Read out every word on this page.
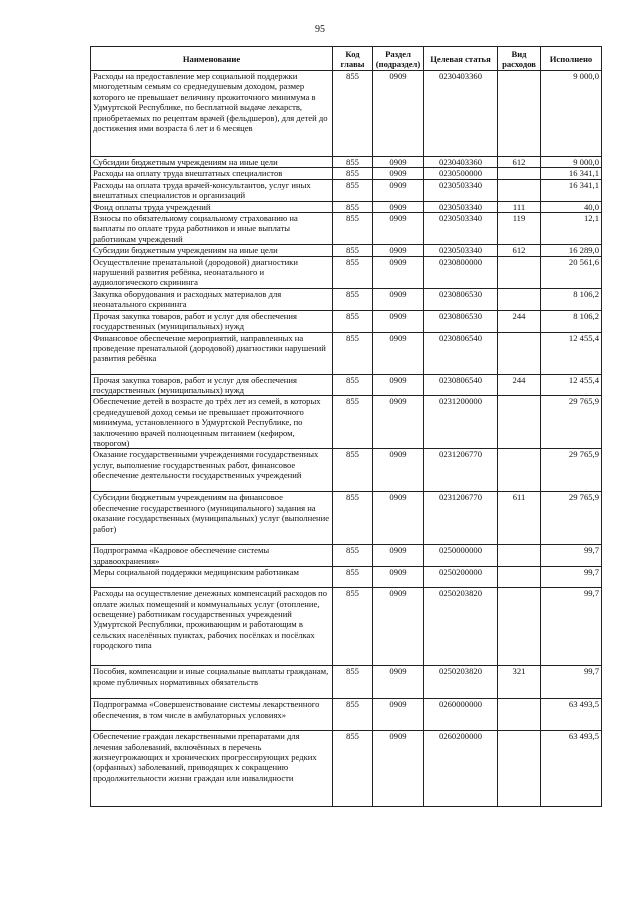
95
Наименование	Код главы	Раздел (подраздел)	Целевая статья	Вид расходов	Исполнено
Расходы на предоставление мер социальной поддержки многодетным семьям со среднедушевым доходом, размер которого не превышает величину прожиточного минимума в Удмуртской Республике, по бесплатной выдаче лекарств, приобретаемых по рецептам врачей (фельдшеров), для детей до достижения ими возраста 6 лет и 6 месяцев	855	0909	0230403360		9 000,0
Субсидии бюджетным учреждениям на иные цели	855	0909	0230403360	612	9 000,0
Расходы на оплату труда внештатных специалистов	855	0909	0230500000		16 341,1
Расходы на оплата труда врачей-консультантов, услуг иных внештатных специалистов и организаций	855	0909	0230503340		16 341,1
Фонд оплаты труда учреждений	855	0909	0230503340	111	40,0
Взносы по обязательному социальному страхованию на выплаты по оплате труда работников и иные выплаты работникам учреждений	855	0909	0230503340	119	12,1
Субсидии бюджетным учреждениям на иные цели	855	0909	0230503340	612	16 289,0
Осуществление пренатальной (дородовой) диагностики нарушений развития ребёнка, неонатального и аудиологического скрининга	855	0909	0230800000		20 561,6
Закупка оборудования и расходных материалов для неонатального скрининга	855	0909	0230806530		8 106,2
Прочая закупка товаров, работ и услуг для обеспечения государственных (муниципальных) нужд	855	0909	0230806530	244	8 106,2
Финансовое обеспечение мероприятий, направленных на проведение пренатальной (дородовой) диагностики нарушений развития ребёнка	855	0909	0230806540		12 455,4
Прочая закупка товаров, работ и услуг для обеспечения государственных (муниципальных) нужд	855	0909	0230806540	244	12 455,4
Обеспечение детей в возрасте до трёх лет из семей, в которых среднедушевой доход семьи не превышает прожиточного минимума, установленного в Удмуртской Республике, по заключению врачей полноценным питанием (кефиром, творогом)	855	0909	0231200000		29 765,9
Оказание государственными учреждениями государственных услуг, выполнение государственных работ, финансовое обеспечение деятельности государственных учреждений	855	0909	0231206770		29 765,9
Субсидии бюджетным учреждениям на финансовое обеспечение государственного (муниципального) задания на оказание государственных (муниципальных) услуг (выполнение работ)	855	0909	0231206770	611	29 765,9
Подпрограмма «Кадровое обеспечение системы здравоохранения»	855	0909	0250000000		99,7
Меры социальной поддержки медицинским работникам	855	0909	0250200000		99,7
Расходы на осуществление денежных компенсаций расходов по оплате жилых помещений и коммунальных услуг (отопление, освещение) работникам государственных учреждений Удмуртской Республики, проживающим и работающим в сельских населённых пунктах, рабочих посёлках и посёлках городского типа	855	0909	0250203820		99,7
Пособия, компенсации и иные социальные выплаты гражданам, кроме публичных нормативных обязательств	855	0909	0250203820	321	99,7
Подпрограмма «Совершенствование системы лекарственного обеспечения, в том числе в амбулаторных условиях»	855	0909	0260000000		63 493,5
Обеспечение граждан лекарственными препаратами для лечения заболеваний, включённых в перечень жизнеугрожающих и хронических прогрессирующих редких (орфанных) заболеваний, приводящих к сокращению продолжительности жизни граждан или инвалидности	855	0909	0260200000		63 493,5
